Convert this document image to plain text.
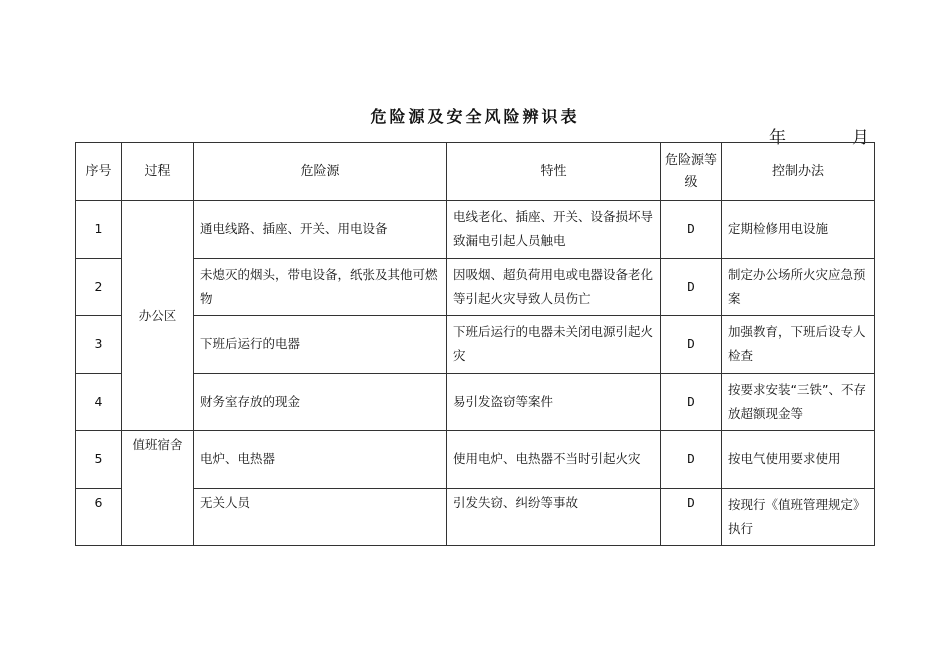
危险源及安全风险辨识表
年	月
序号	过程	危险源	特性	危险源等级	控制办法
1	办公区	通电线路、插座、开关、用电设备	电线老化、插座、开关、设备损坏导致漏电引起人员触电	D	定期检修用电设施
2		未熄灭的烟头，带电设备，纸张及其他可燃物	因吸烟、超负荷用电或电器设备老化等引起火灾导致人员伤亡	D	制定办公场所火灾应急预案
3		下班后运行的电器	下班后运行的电器未关闭电源引起火灾	D	加强教育，下班后设专人检查
4		财务室存放的现金	易引发盗窃等案件	D	按要求安装“三铁”、不存放超额现金等
5	值班宿舍	电炉、电热器	使用电炉、电热器不当时引起火灾	D	按电气使用要求使用
6		无关人员	引发失窃、纠纷等事故	D	按现行《值班管理规定》执行
